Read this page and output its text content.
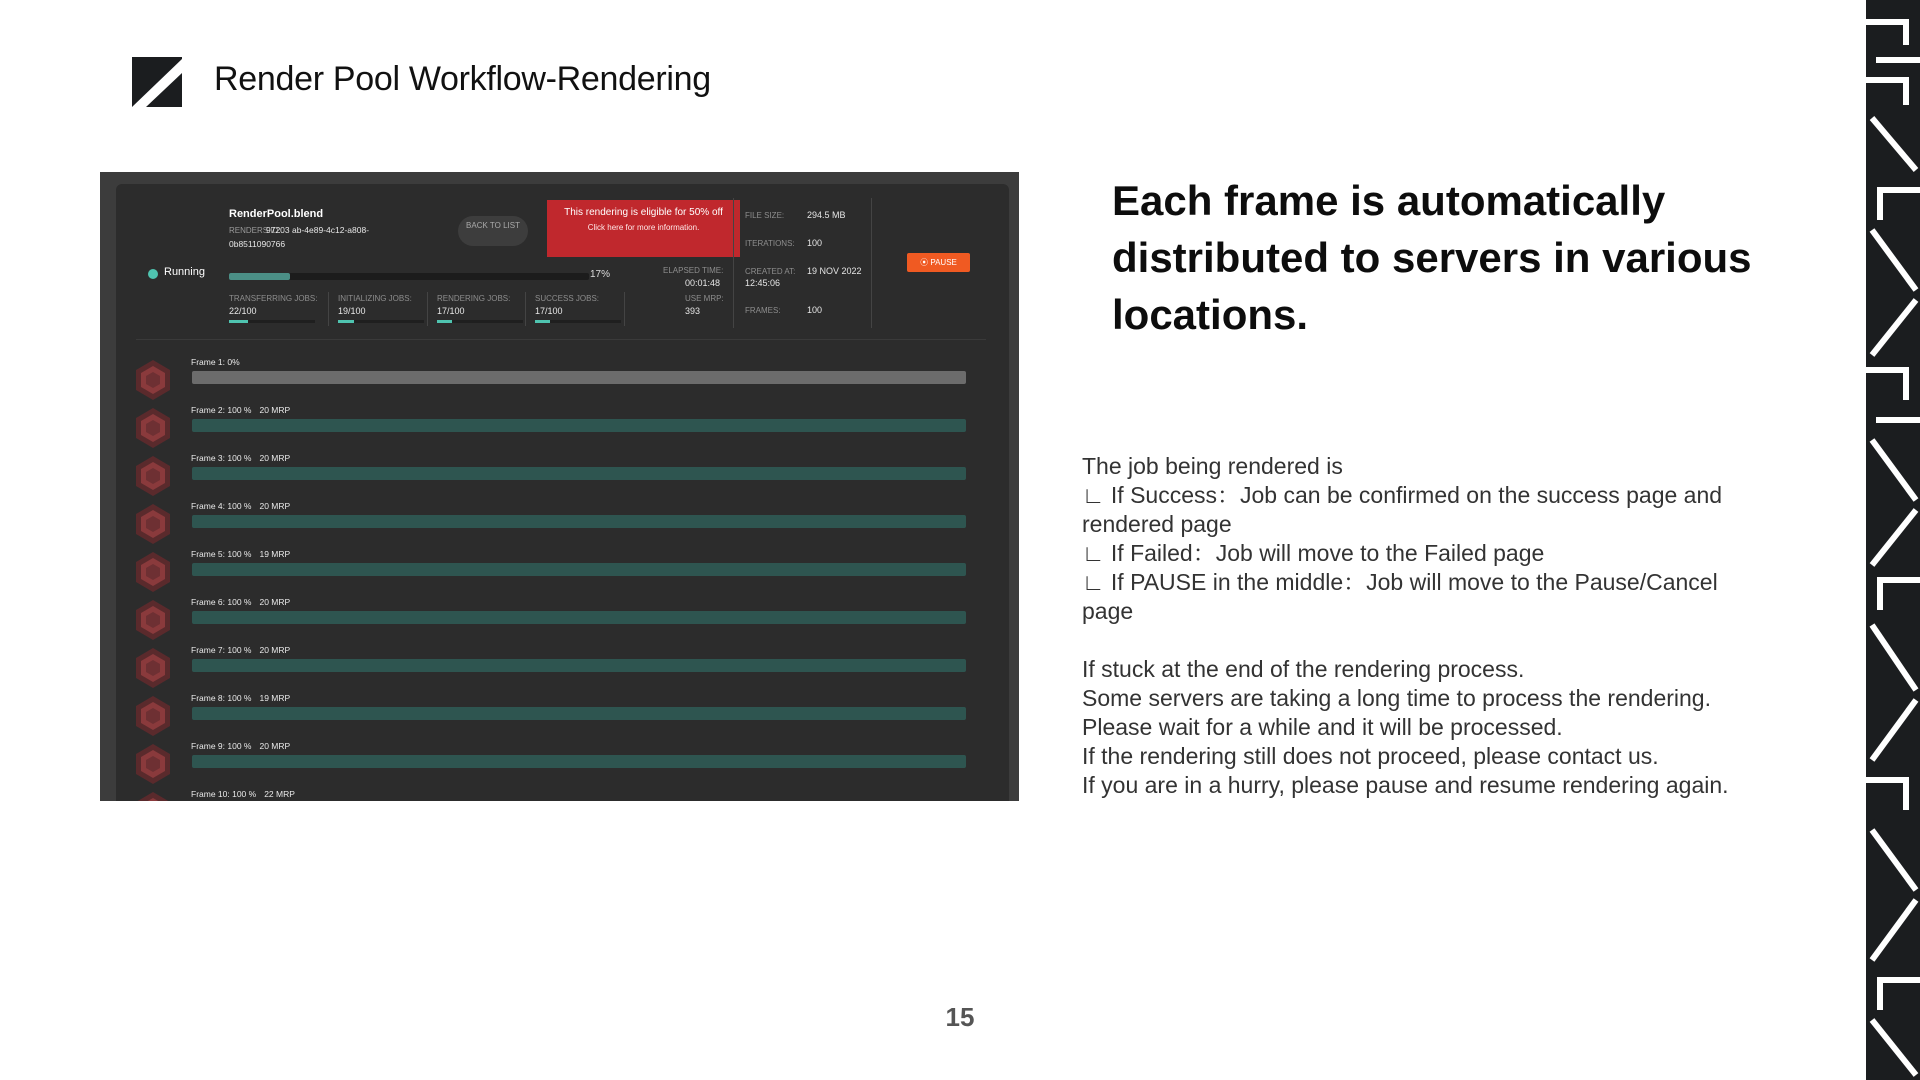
Render Pool Workflow-Rendering
Running
RenderPool.blend
RENDERS ID:
97203 ab-4e89-4c12-a808-
0b8511090766
BACK TO LIST
This rendering is eligible for 50% off
Click here for more information.
17%
TRANSFERRING JOBS:
22/100
INITIALIZING JOBS:
19/100
RENDERING JOBS:
17/100
SUCCESS JOBS:
17/100
ELAPSED TIME:
00:01:48
USE MRP:
393
FILE SIZE:	294.5 MB
ITERATIONS: 100
CREATED AT: 19 NOV 2022
12:45:06
FRAMES:	100
⦿ PAUSE
Frame 1: 0%
Frame 2: 100 % 20 MRP
Frame 3: 100 % 20 MRP
Frame 4: 100 % 20 MRP
Frame 5: 100 % 19 MRP
Frame 6: 100 % 20 MRP
Frame 7: 100 % 20 MRP
Frame 8: 100 % 19 MRP
Frame 9: 100 % 20 MRP
Frame 10: 100 % 22 MRP
Each frame is automatically distributed to servers in various locations.
The job being rendered is
∟ If Success：Job can be confirmed on the success page and rendered page
∟ If Failed：Job will move to the Failed page
∟ If PAUSE in the middle：Job will move to the Pause/Cancel page
If stuck at the end of the rendering process.
Some servers are taking a long time to process the rendering.
Please wait for a while and it will be processed.
If the rendering still does not proceed, please contact us.
If you are in a hurry, please pause and resume rendering again.
15
